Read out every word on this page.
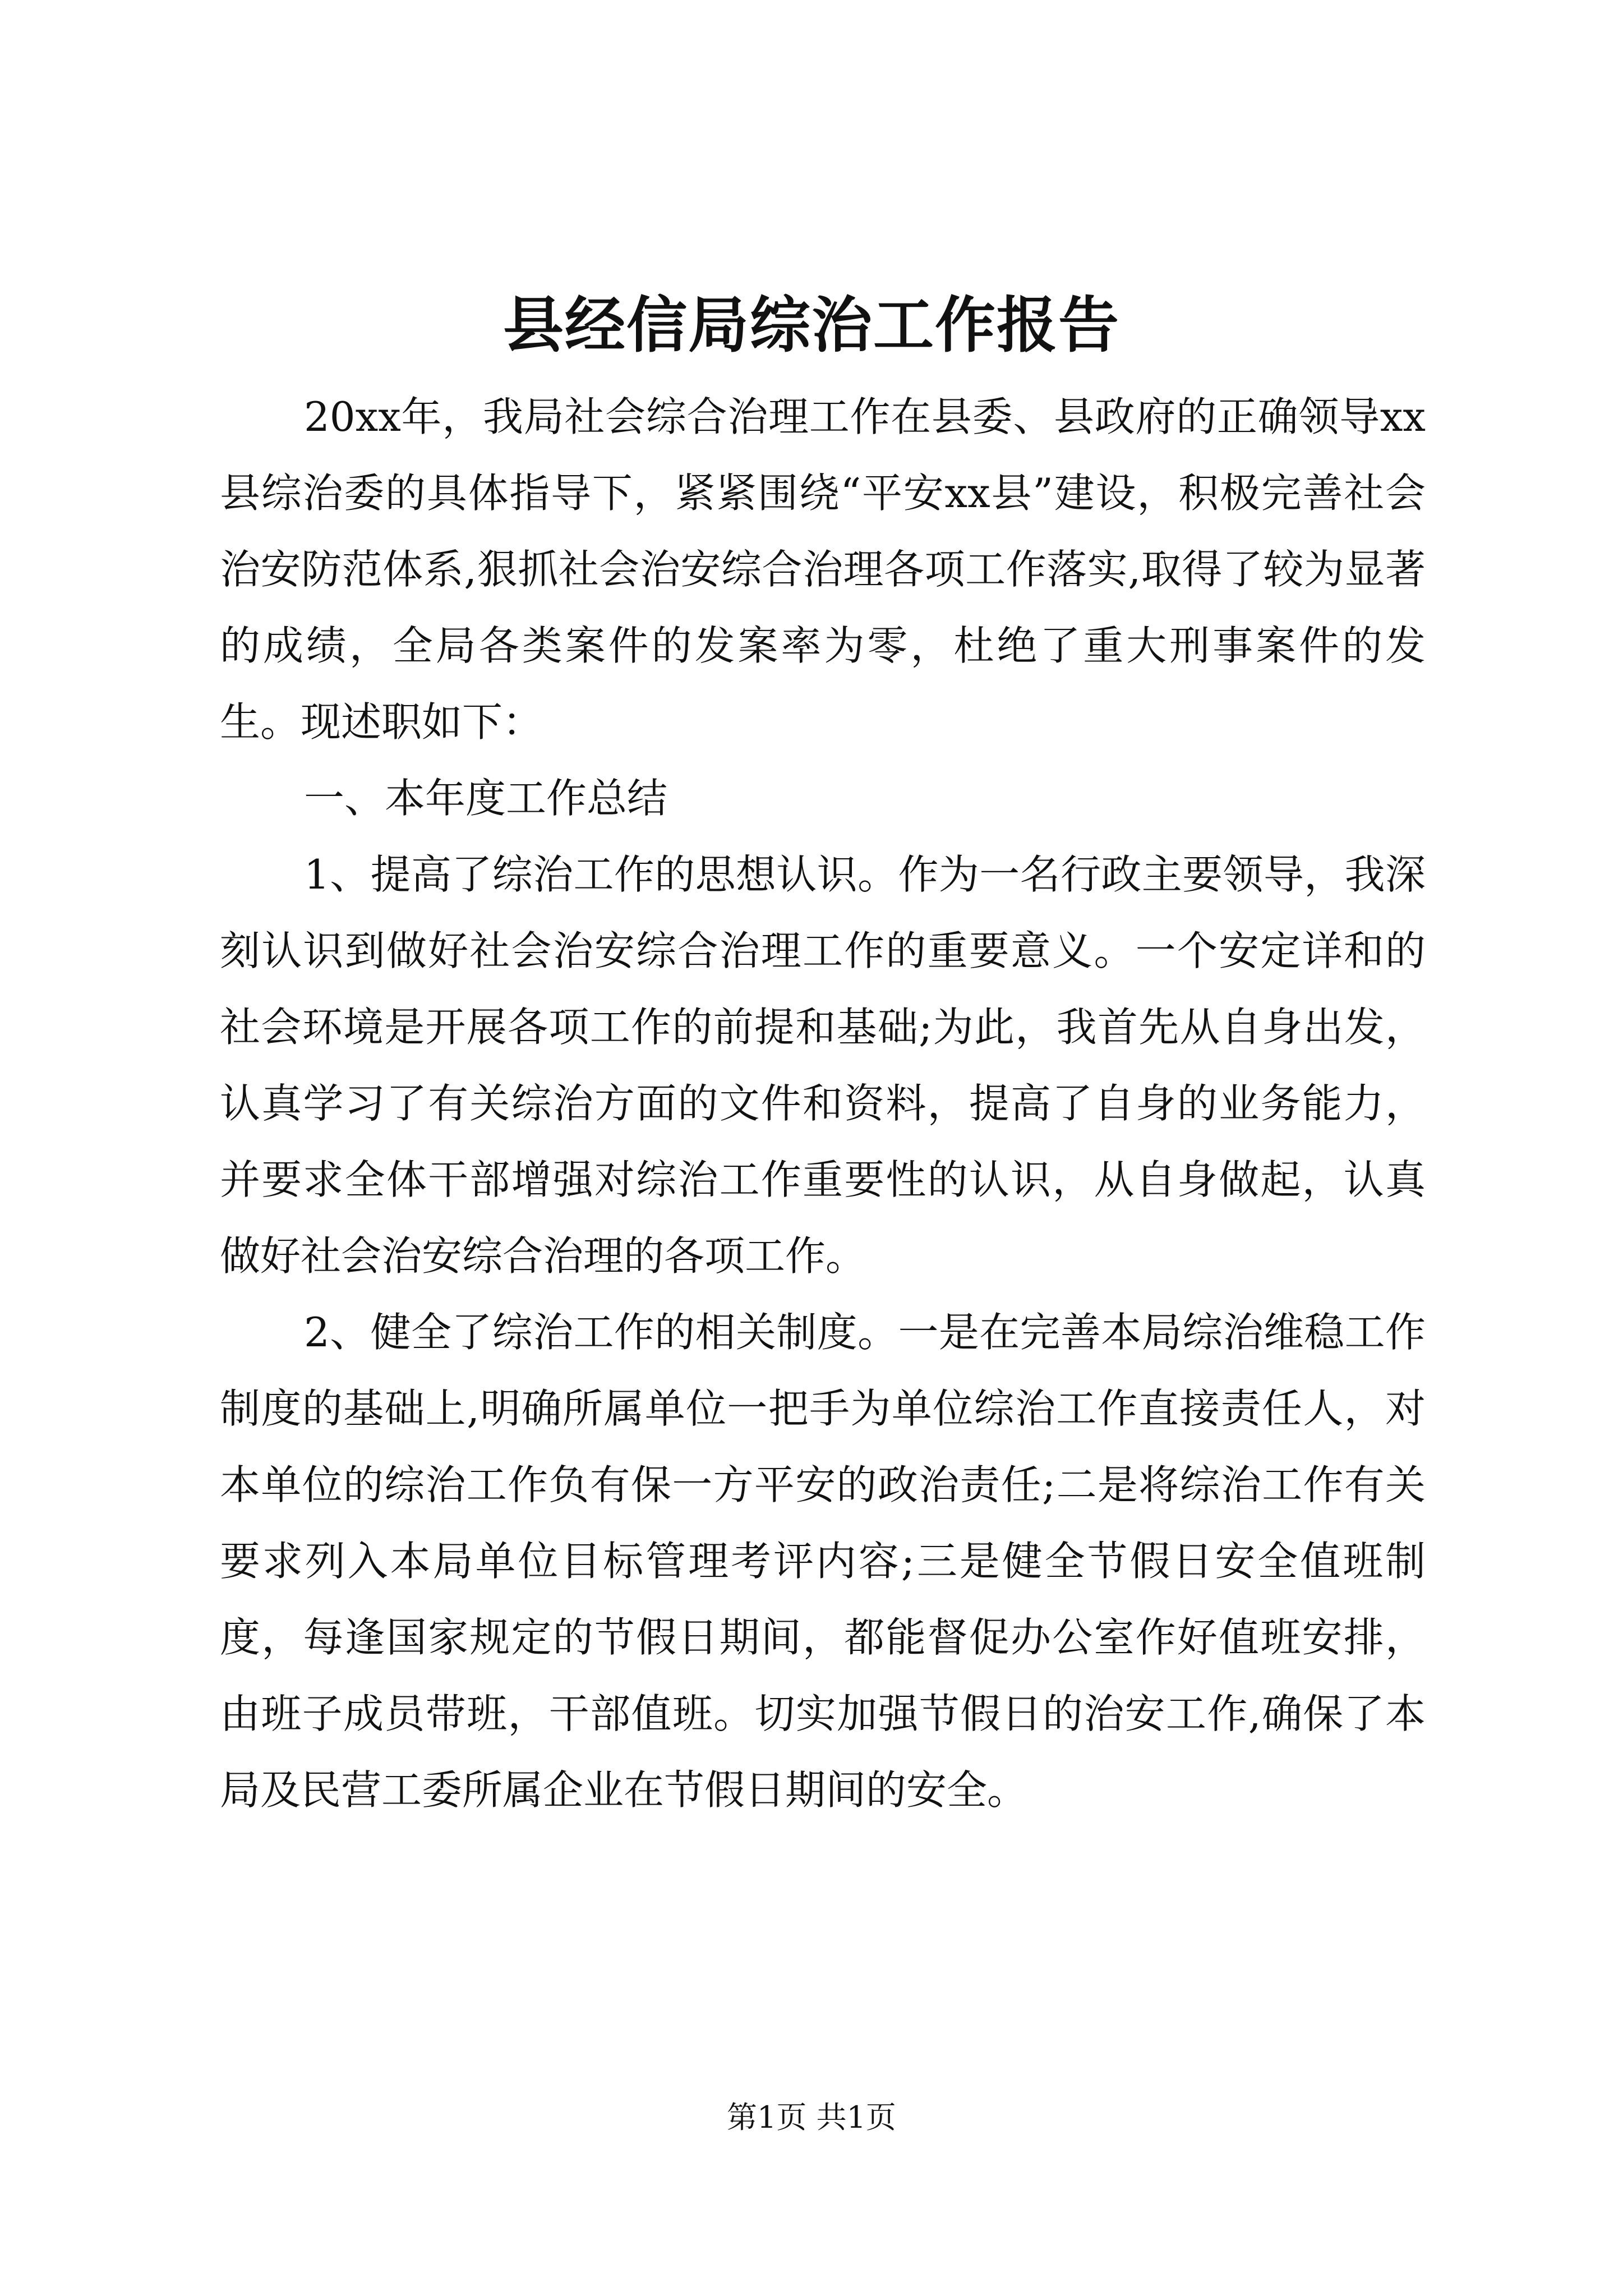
县经信局综治工作报告

20xx年，我局社会综合治理工作在县委、县政府的正确领导xx县综治委的具体指导下，紧紧围绕“平安xx县”建设，积极完善社会治安防范体系,狠抓社会治安综合治理各项工作落实,取得了较为显著的成绩，全局各类案件的发案率为零，杜绝了重大刑事案件的发生。现述职如下：

一、本年度工作总结

1、提高了综治工作的思想认识。作为一名行政主要领导，我深刻认识到做好社会治安综合治理工作的重要意义。一个安定详和的社会环境是开展各项工作的前提和基础;为此，我首先从自身出发，认真学习了有关综治方面的文件和资料，提高了自身的业务能力，并要求全体干部增强对综治工作重要性的认识，从自身做起，认真做好社会治安综合治理的各项工作。

2、健全了综治工作的相关制度。一是在完善本局综治维稳工作制度的基础上,明确所属单位一把手为单位综治工作直接责任人，对本单位的综治工作负有保一方平安的政治责任;二是将综治工作有关要求列入本局单位目标管理考评内容;三是健全节假日安全值班制度，每逢国家规定的节假日期间，都能督促办公室作好值班安排，由班子成员带班，干部值班。切实加强节假日的治安工作,确保了本局及民营工委所属企业在节假日期间的安全。

第1页 共1页
